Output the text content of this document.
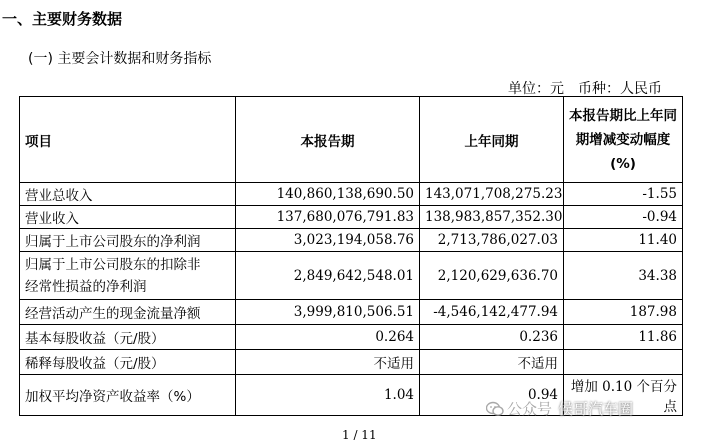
一、主要财务数据
(一) 主要会计数据和财务指标
单位：元 币种：人民币
项目	本报告期	上年同期	本报告期比上年同
期增减变动幅度
(%)

营业总收入	140,860,138,690.50	143,071,708,275.23	-1.55
营业收入	137,680,076,791.83	138,983,857,352.30	-0.94
归属于上市公司股东的净利润	3,023,194,058.76	2,713,786,027.03	11.40

归属于上市公司股东的扣除非
经常性损益的净利润	2,849,642,548.01	2,120,629,636.70	34.38
经营活动产生的现金流量净额	3,999,810,506.51	-4,546,142,477.94	187.98
基本每股收益（元/股）	0.264	0.236	11.86
稀释每股收益（元/股）	不适用	不适用	
加权平均净资产收益率（%）	1.04	0.94	增加 0.10 个百分点
公众号 侯哥汽车圈
1 / 11
